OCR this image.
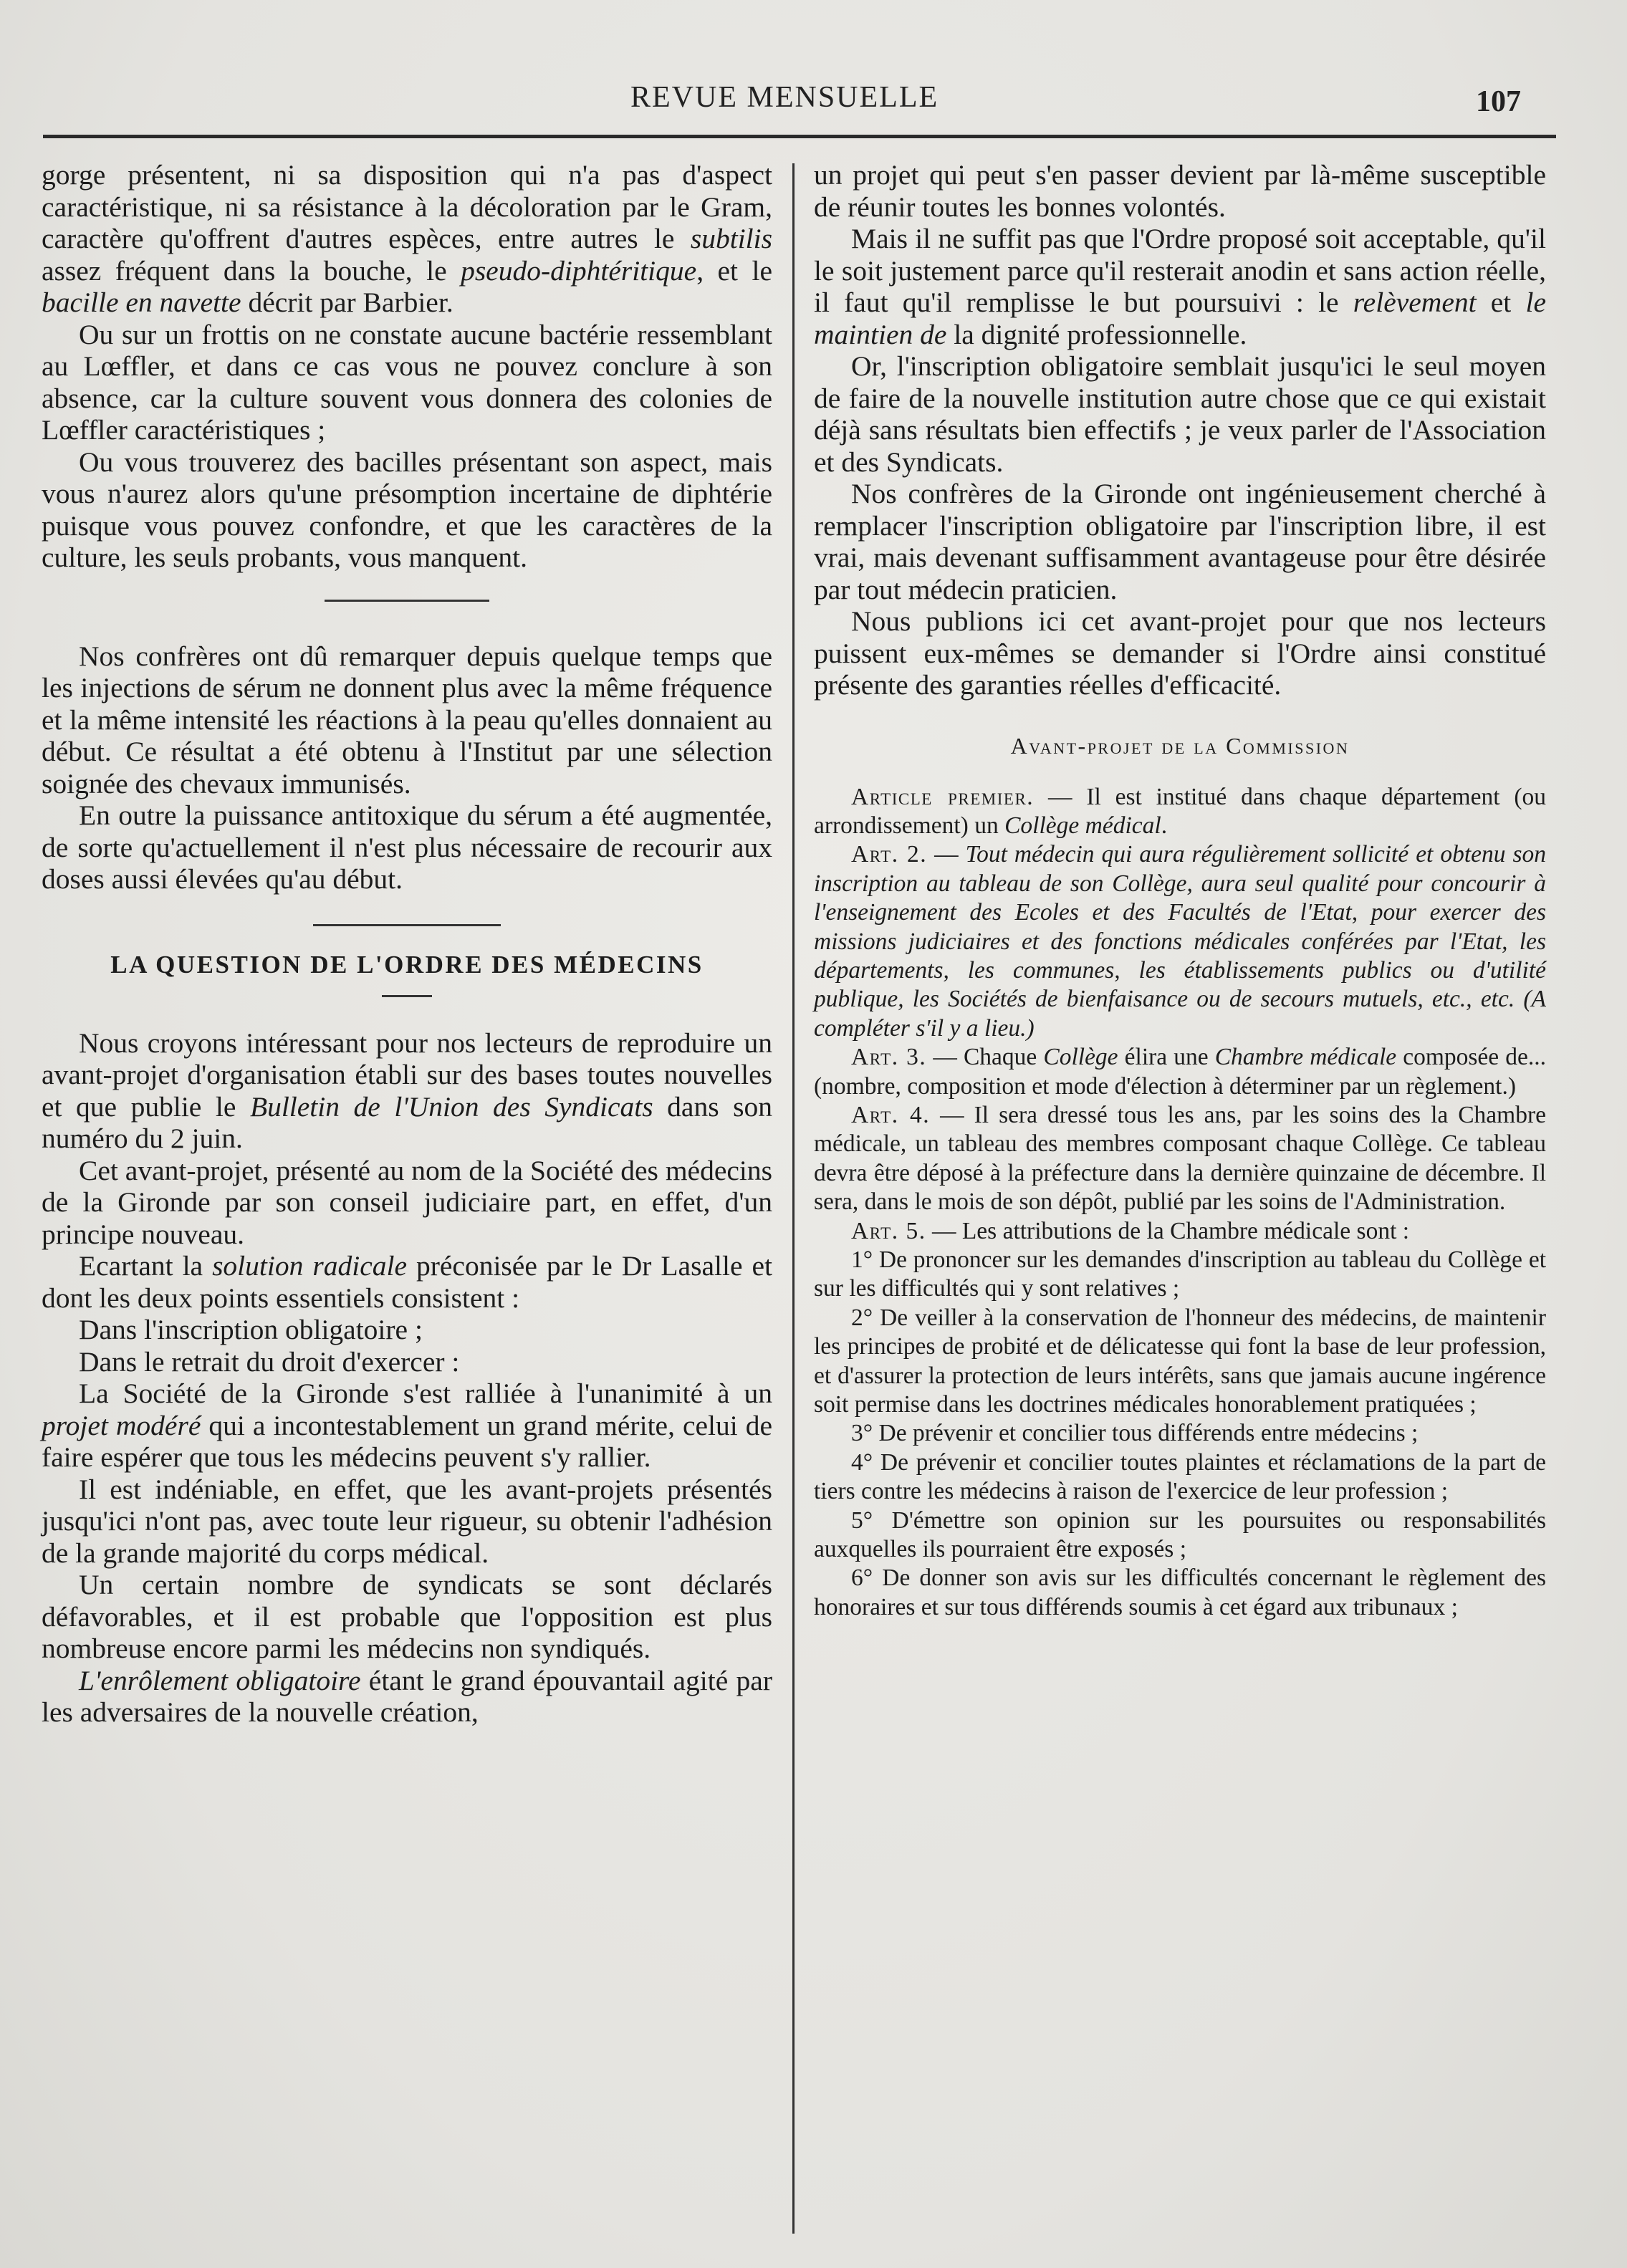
REVUE MENSUELLE	107

gorge présentent, ni sa disposition qui n'a pas d'aspect caractéristique, ni sa résistance à la décoloration par le Gram, caractère qu'offrent d'autres espèces, entre autres le subtilis assez fréquent dans la bouche, le pseudo-diphtéritique, et le bacille en navette décrit par Barbier.

Ou sur un frottis on ne constate aucune bactérie ressemblant au Lœffler, et dans ce cas vous ne pouvez conclure à son absence, car la culture souvent vous donnera des colonies de Lœffler caractéristiques ;

Ou vous trouverez des bacilles présentant son aspect, mais vous n'aurez alors qu'une présomption incertaine de diphtérie puisque vous pouvez confondre, et que les caractères de la culture, les seuls probants, vous manquent.

Nos confrères ont dû remarquer depuis quelque temps que les injections de sérum ne donnent plus avec la même fréquence et la même intensité les réactions à la peau qu'elles donnaient au début. Ce résultat a été obtenu à l'Institut par une sélection soignée des chevaux immunisés.

En outre la puissance antitoxique du sérum a été augmentée, de sorte qu'actuellement il n'est plus nécessaire de recourir aux doses aussi élevées qu'au début.

LA QUESTION DE L'ORDRE DES MÉDECINS

Nous croyons intéressant pour nos lecteurs de reproduire un avant-projet d'organisation établi sur des bases toutes nouvelles et que publie le Bulletin de l'Union des Syndicats dans son numéro du 2 juin.

Cet avant-projet, présenté au nom de la Société des médecins de la Gironde par son conseil judiciaire part, en effet, d'un principe nouveau.

Ecartant la solution radicale préconisée par le Dr Lasalle et dont les deux points essentiels consistent :

Dans l'inscription obligatoire ;

Dans le retrait du droit d'exercer :

La Société de la Gironde s'est ralliée à l'unanimité à un projet modéré qui a incontestablement un grand mérite, celui de faire espérer que tous les médecins peuvent s'y rallier.

Il est indéniable, en effet, que les avant-projets présentés jusqu'ici n'ont pas, avec toute leur rigueur, su obtenir l'adhésion de la grande majorité du corps médical.

Un certain nombre de syndicats se sont déclarés défavorables, et il est probable que l'opposition est plus nombreuse encore parmi les médecins non syndiqués.

L'enrôlement obligatoire étant le grand épouvantail agité par les adversaires de la nouvelle création,

un projet qui peut s'en passer devient par là-même susceptible de réunir toutes les bonnes volontés.

Mais il ne suffit pas que l'Ordre proposé soit acceptable, qu'il le soit justement parce qu'il resterait anodin et sans action réelle, il faut qu'il remplisse le but poursuivi : le relèvement et le maintien de la dignité professionnelle.

Or, l'inscription obligatoire semblait jusqu'ici le seul moyen de faire de la nouvelle institution autre chose que ce qui existait déjà sans résultats bien effectifs ; je veux parler de l'Association et des Syndicats.

Nos confrères de la Gironde ont ingénieusement cherché à remplacer l'inscription obligatoire par l'inscription libre, il est vrai, mais devenant suffisamment avantageuse pour être désirée par tout médecin praticien.

Nous publions ici cet avant-projet pour que nos lecteurs puissent eux-mêmes se demander si l'Ordre ainsi constitué présente des garanties réelles d'efficacité.

Avant-projet de la Commission

Article premier. — Il est institué dans chaque département (ou arrondissement) un Collège médical.

Art. 2. — Tout médecin qui aura régulièrement sollicité et obtenu son inscription au tableau de son Collège, aura seul qualité pour concourir à l'enseignement des Ecoles et des Facultés de l'Etat, pour exercer des missions judiciaires et des fonctions médicales conférées par l'Etat, les départements, les communes, les établissements publics ou d'utilité publique, les Sociétés de bienfaisance ou de secours mutuels, etc., etc. (A compléter s'il y a lieu.)

Art. 3. — Chaque Collège élira une Chambre médicale composée de... (nombre, composition et mode d'élection à déterminer par un règlement.)

Art. 4. — Il sera dressé tous les ans, par les soins des la Chambre médicale, un tableau des membres composant chaque Collège. Ce tableau devra être déposé à la préfecture dans la dernière quinzaine de décembre. Il sera, dans le mois de son dépôt, publié par les soins de l'Administration.

Art. 5. — Les attributions de la Chambre médicale sont :

1° De prononcer sur les demandes d'inscription au tableau du Collège et sur les difficultés qui y sont relatives ;

2° De veiller à la conservation de l'honneur des médecins, de maintenir les principes de probité et de délicatesse qui font la base de leur profession, et d'assurer la protection de leurs intérêts, sans que jamais aucune ingérence soit permise dans les doctrines médicales honorablement pratiquées ;

3° De prévenir et concilier tous différends entre médecins ;

4° De prévenir et concilier toutes plaintes et réclamations de la part de tiers contre les médecins à raison de l'exercice de leur profession ;

5° D'émettre son opinion sur les poursuites ou responsabilités auxquelles ils pourraient être exposés ;

6° De donner son avis sur les difficultés concernant le règlement des honoraires et sur tous différends soumis à cet égard aux tribunaux ;
